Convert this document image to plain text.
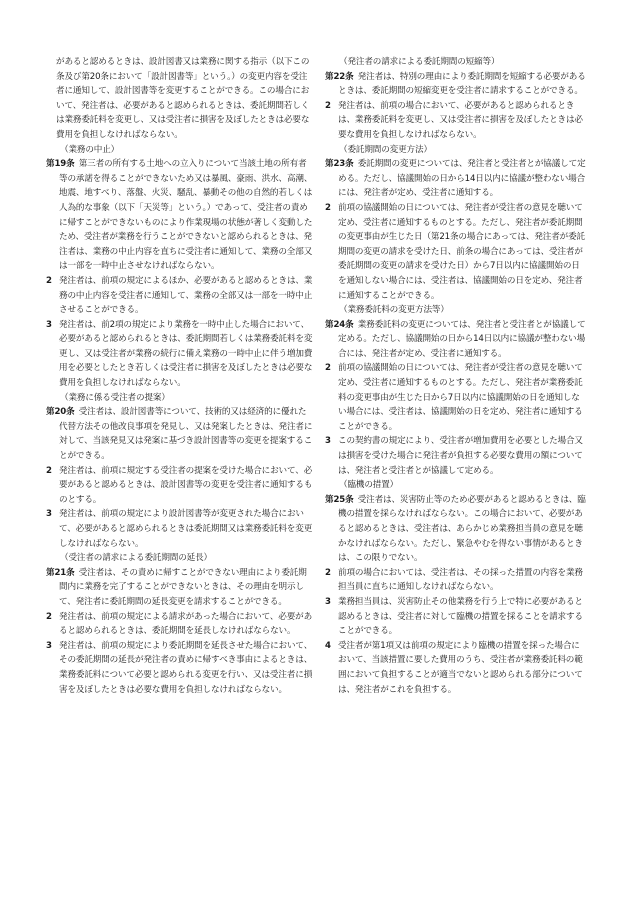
があると認めるときは、設計図書又は業務に関する指示（以下この条及び第20条において「設計図書等」という。）の変更内容を受注者に通知して、設計図書等を変更することができる。この場合において、発注者は、必要があると認められるときは、委託期間若しくは業務委託料を変更し、又は受注者に損害を及ぼしたときは必要な費用を負担しなければならない。
（業務の中止）
第19条  第三者の所有する土地への立入りについて当該土地の所有者等の承諾を得ることができないため又は暴風、豪雨、洪水、高潮、地震、地すべり、落盤、火災、騒乱、暴動その他の自然的若しくは人為的な事象（以下「天災等」という。）であって、受注者の責めに帰すことができないものにより作業現場の状態が著しく変動したため、受注者が業務を行うことができないと認められるときは、発注者は、業務の中止内容を直ちに受注者に通知して、業務の全部又は一部を一時中止させなければならない。
2 発注者は、前項の規定によるほか、必要があると認めるときは、業務の中止内容を受注者に通知して、業務の全部又は一部を一時中止させることができる。
3 発注者は、前2項の規定により業務を一時中止した場合において、必要があると認められるときは、委託期間若しくは業務委託料を変更し、又は受注者が業務の続行に備え業務の一時中止に伴う増加費用を必要としたとき若しくは受注者に損害を及ぼしたときは必要な費用を負担しなければならない。
（業務に係る受注者の提案）
第20条  受注者は、設計図書等について、技術的又は経済的に優れた代替方法その他改良事項を発見し、又は発案したときは、発注者に対して、当該発見又は発案に基づき設計図書等の変更を提案することができる。
2 発注者は、前項に規定する受注者の提案を受けた場合において、必要があると認めるときは、設計図書等の変更を受注者に通知するものとする。
3 発注者は、前項の規定により設計図書等が変更された場合において、必要があると認められるときは委託期間又は業務委託料を変更しなければならない。
（受注者の請求による委託期間の延長）
第21条  受注者は、その責めに帰すことができない理由により委託期間内に業務を完了することができないときは、その理由を明示して、発注者に委託期間の延長変更を請求することができる。
2 発注者は、前項の規定による請求があった場合において、必要があると認められるときは、委託期間を延長しなければならない。
3 発注者は、前項の規定により委託期間を延長させた場合において、その委託期間の延長が発注者の責めに帰すべき事由によるときは、業務委託料について必要と認められる変更を行い、又は受注者に損害を及ぼしたときは必要な費用を負担しなければならない。
（発注者の請求による委託期間の短縮等）
第22条  発注者は、特別の理由により委託期間を短縮する必要があるときは、委託期間の短縮変更を受注者に請求することができる。
2 発注者は、前項の場合において、必要があると認められるときは、業務委託料を変更し、又は受注者に損害を及ぼしたときは必要な費用を負担しなければならない。
（委託期間の変更方法）
第23条  委託期間の変更については、発注者と受注者とが協議して定める。ただし、協議開始の日から14日以内に協議が整わない場合には、発注者が定め、受注者に通知する。
2 前項の協議開始の日については、発注者が受注者の意見を聴いて定め、受注者に通知するものとする。ただし、発注者が委託期間の変更事由が生じた日（第21条の場合にあっては、発注者が委託期間の変更の請求を受けた日、前条の場合にあっては、受注者が委託期間の変更の請求を受けた日）から7日以内に協議開始の日を通知しない場合には、受注者は、協議開始の日を定め、発注者に通知することができる。
（業務委託料の変更方法等）
第24条  業務委託料の変更については、発注者と受注者とが協議して定める。ただし、協議開始の日から14日以内に協議が整わない場合には、発注者が定め、受注者に通知する。
2 前項の協議開始の日については、発注者が受注者の意見を聴いて定め、受注者に通知するものとする。ただし、発注者が業務委託料の変更事由が生じた日から7日以内に協議開始の日を通知しない場合には、受注者は、協議開始の日を定め、発注者に通知することができる。
3 この契約書の規定により、受注者が増加費用を必要とした場合又は損害を受けた場合に発注者が負担する必要な費用の額については、発注者と受注者とが協議して定める。
（臨機の措置）
第25条  受注者は、災害防止等のため必要があると認めるときは、臨機の措置を採らなければならない。この場合において、必要があると認めるときは、受注者は、あらかじめ業務担当員の意見を聴かなければならない。ただし、緊急やむを得ない事情があるときは、この限りでない。
2 前項の場合においては、受注者は、その採った措置の内容を業務担当員に直ちに通知しなければならない。
3 業務担当員は、災害防止その他業務を行う上で特に必要があると認めるときは、受注者に対して臨機の措置を採ることを請求することができる。
4 受注者が第1項又は前項の規定により臨機の措置を採った場合において、当該措置に要した費用のうち、受注者が業務委託料の範囲において負担することが適当でないと認められる部分については、発注者がこれを負担する。
